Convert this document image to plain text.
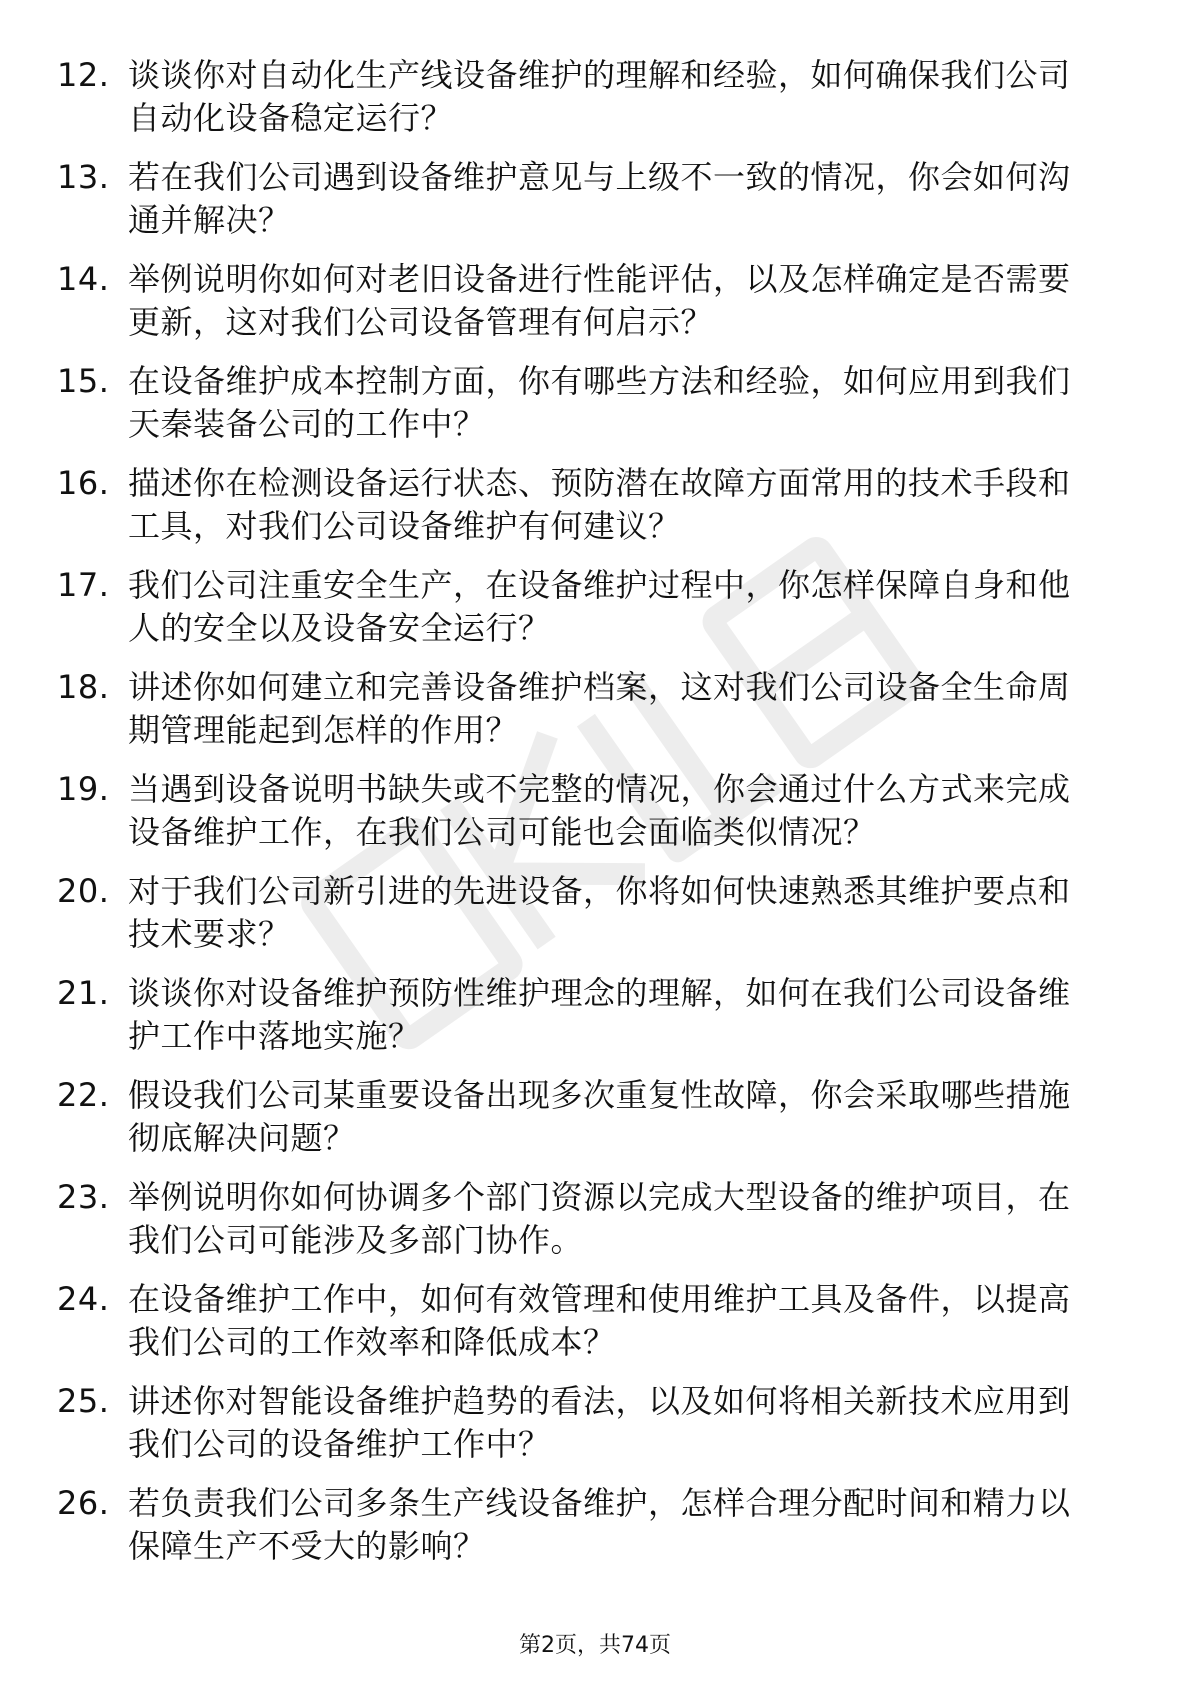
12. 谈谈你对自动化生产线设备维护的理解和经验，如何确保我们公司自动化设备稳定运行？
13. 若在我们公司遇到设备维护意见与上级不一致的情况，你会如何沟通并解决？
14. 举例说明你如何对老旧设备进行性能评估，以及怎样确定是否需要更新，这对我们公司设备管理有何启示？
15. 在设备维护成本控制方面，你有哪些方法和经验，如何应用到我们天秦装备公司的工作中？
16. 描述你在检测设备运行状态、预防潜在故障方面常用的技术手段和工具，对我们公司设备维护有何建议？
17. 我们公司注重安全生产，在设备维护过程中，你怎样保障自身和他人的安全以及设备安全运行？
18. 讲述你如何建立和完善设备维护档案，这对我们公司设备全生命周期管理能起到怎样的作用？
19. 当遇到设备说明书缺失或不完整的情况，你会通过什么方式来完成设备维护工作，在我们公司可能也会面临类似情况？
20. 对于我们公司新引进的先进设备，你将如何快速熟悉其维护要点和技术要求？
21. 谈谈你对设备维护预防性维护理念的理解，如何在我们公司设备维护工作中落地实施？
22. 假设我们公司某重要设备出现多次重复性故障，你会采取哪些措施彻底解决问题？
23. 举例说明你如何协调多个部门资源以完成大型设备的维护项目，在我们公司可能涉及多部门协作。
24. 在设备维护工作中，如何有效管理和使用维护工具及备件，以提高我们公司的工作效率和降低成本？
25. 讲述你对智能设备维护趋势的看法，以及如何将相关新技术应用到我们公司的设备维护工作中？
26. 若负责我们公司多条生产线设备维护，怎样合理分配时间和精力以保障生产不受大的影响？
第2页，共74页
